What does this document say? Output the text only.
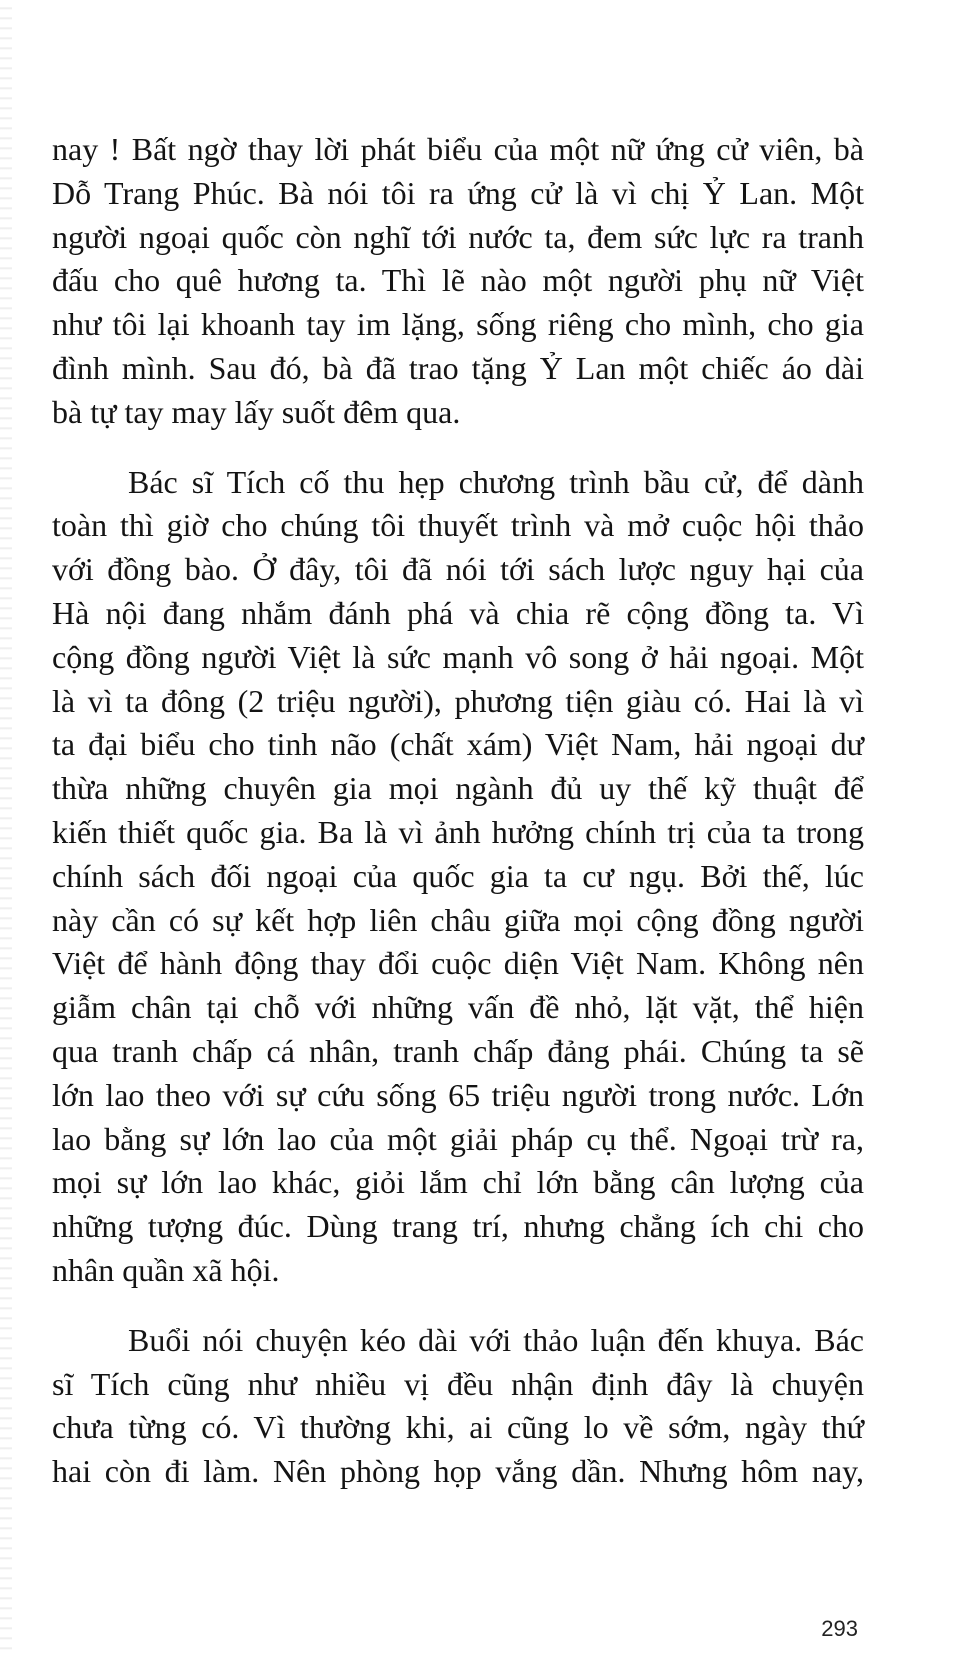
nay ! Bất ngờ thay lời phát biểu của một nữ ứng cử viên, bà
Dỗ Trang Phúc. Bà nói tôi ra ứng cử là vì chị Ỷ Lan. Một
người ngoại quốc còn nghĩ tới nước ta, đem sức lực ra tranh
đấu cho quê hương ta. Thì lẽ nào một người phụ nữ Việt
như tôi lại khoanh tay im lặng, sống riêng cho mình, cho gia
đình mình. Sau đó, bà đã trao tặng Ỷ Lan một chiếc áo dài
bà tự tay may lấy suốt đêm qua.
Bác sĩ Tích cố thu hẹp chương trình bầu cử, để dành
toàn thì giờ cho chúng tôi thuyết trình và mở cuộc hội thảo
với đồng bào. Ở đây, tôi đã nói tới sách lược nguy hại của
Hà nội đang nhắm đánh phá và chia rẽ cộng đồng ta. Vì
cộng đồng người Việt là sức mạnh vô song ở hải ngoại. Một
là vì ta đông (2 triệu người), phương tiện giàu có. Hai là vì
ta đại biểu cho tinh não (chất xám) Việt Nam, hải ngoại dư
thừa những chuyên gia mọi ngành đủ uy thế kỹ thuật để
kiến thiết quốc gia. Ba là vì ảnh hưởng chính trị của ta trong
chính sách đối ngoại của quốc gia ta cư ngụ. Bởi thế, lúc
này cần có sự kết hợp liên châu giữa mọi cộng đồng người
Việt để hành động thay đổi cuộc diện Việt Nam. Không nên
giẫm chân tại chỗ với những vấn đề nhỏ, lặt vặt, thể hiện
qua tranh chấp cá nhân, tranh chấp đảng phái. Chúng ta sẽ
lớn lao theo với sự cứu sống 65 triệu người trong nước. Lớn
lao bằng sự lớn lao của một giải pháp cụ thể. Ngoại trừ ra,
mọi sự lớn lao khác, giỏi lắm chỉ lớn bằng cân lượng của
những tượng đúc. Dùng trang trí, nhưng chẳng ích chi cho
nhân quần xã hội.
Buổi nói chuyện kéo dài với thảo luận đến khuya. Bác
sĩ Tích cũng như nhiều vị đều nhận định đây là chuyện
chưa từng có. Vì thường khi, ai cũng lo về sớm, ngày thứ
hai còn đi làm. Nên phòng họp vắng dần. Nhưng hôm nay,
293
